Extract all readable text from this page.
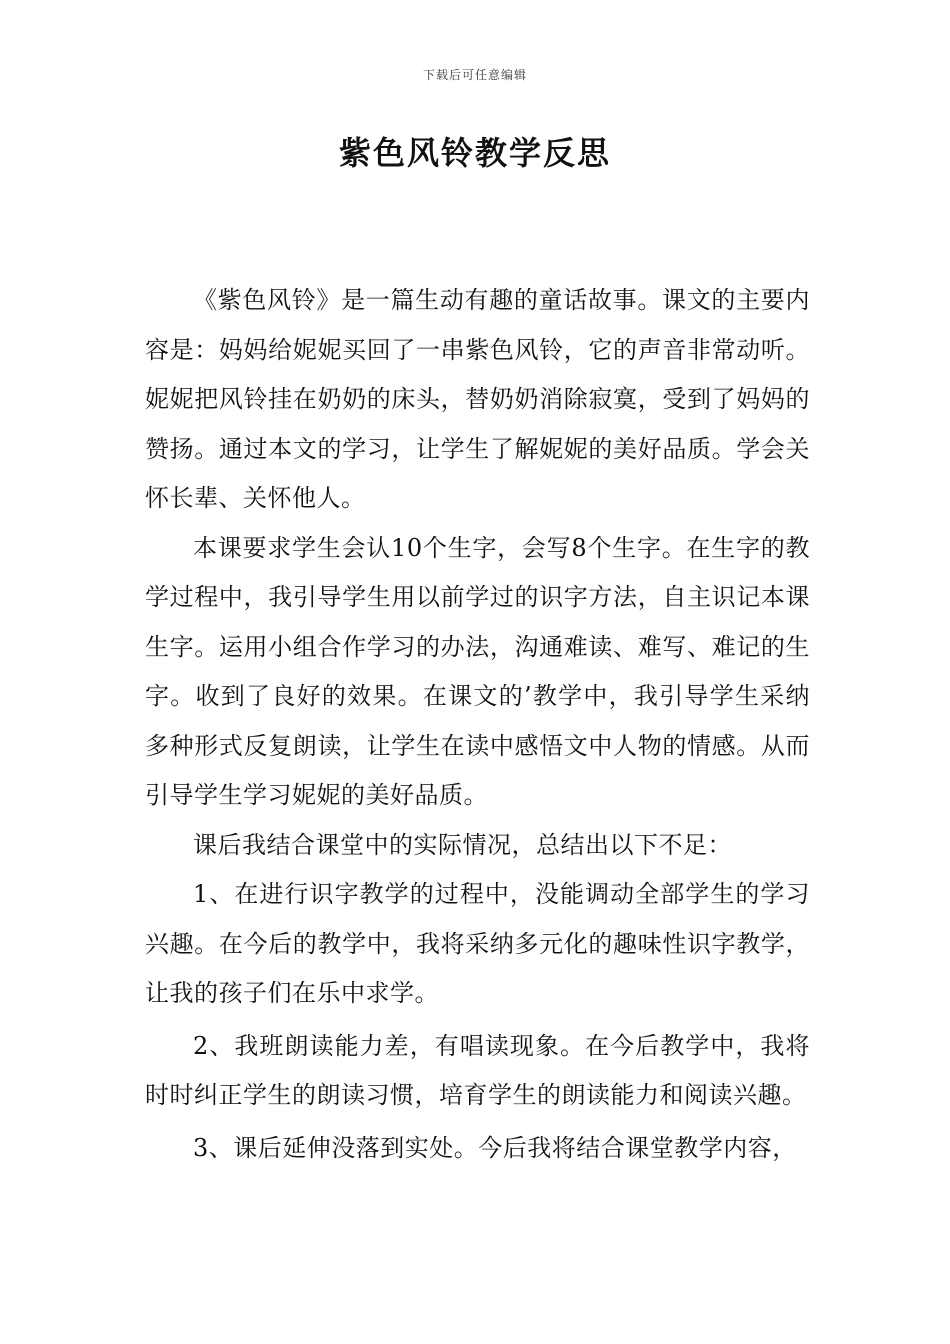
下载后可任意编辑
紫色风铃教学反思

《紫色风铃》是一篇生动有趣的童话故事。课文的主要内容是：妈妈给妮妮买回了一串紫色风铃，它的声音非常动听。妮妮把风铃挂在奶奶的床头，替奶奶消除寂寞，受到了妈妈的赞扬。通过本文的学习，让学生了解妮妮的美好品质。学会关怀长辈、关怀他人。

本课要求学生会认10个生字，会写8个生字。在生字的教学过程中，我引导学生用以前学过的识字方法，自主识记本课生字。运用小组合作学习的办法，沟通难读、难写、难记的生字。收到了良好的效果。在课文的’教学中，我引导学生采纳多种形式反复朗读，让学生在读中感悟文中人物的情感。从而引导学生学习妮妮的美好品质。

课后我结合课堂中的实际情况，总结出以下不足：

1、在进行识字教学的过程中，没能调动全部学生的学习兴趣。在今后的教学中，我将采纳多元化的趣味性识字教学，让我的孩子们在乐中求学。

2、我班朗读能力差，有唱读现象。在今后教学中，我将时时纠正学生的朗读习惯，培育学生的朗读能力和阅读兴趣。

3、课后延伸没落到实处。今后我将结合课堂教学内容，
